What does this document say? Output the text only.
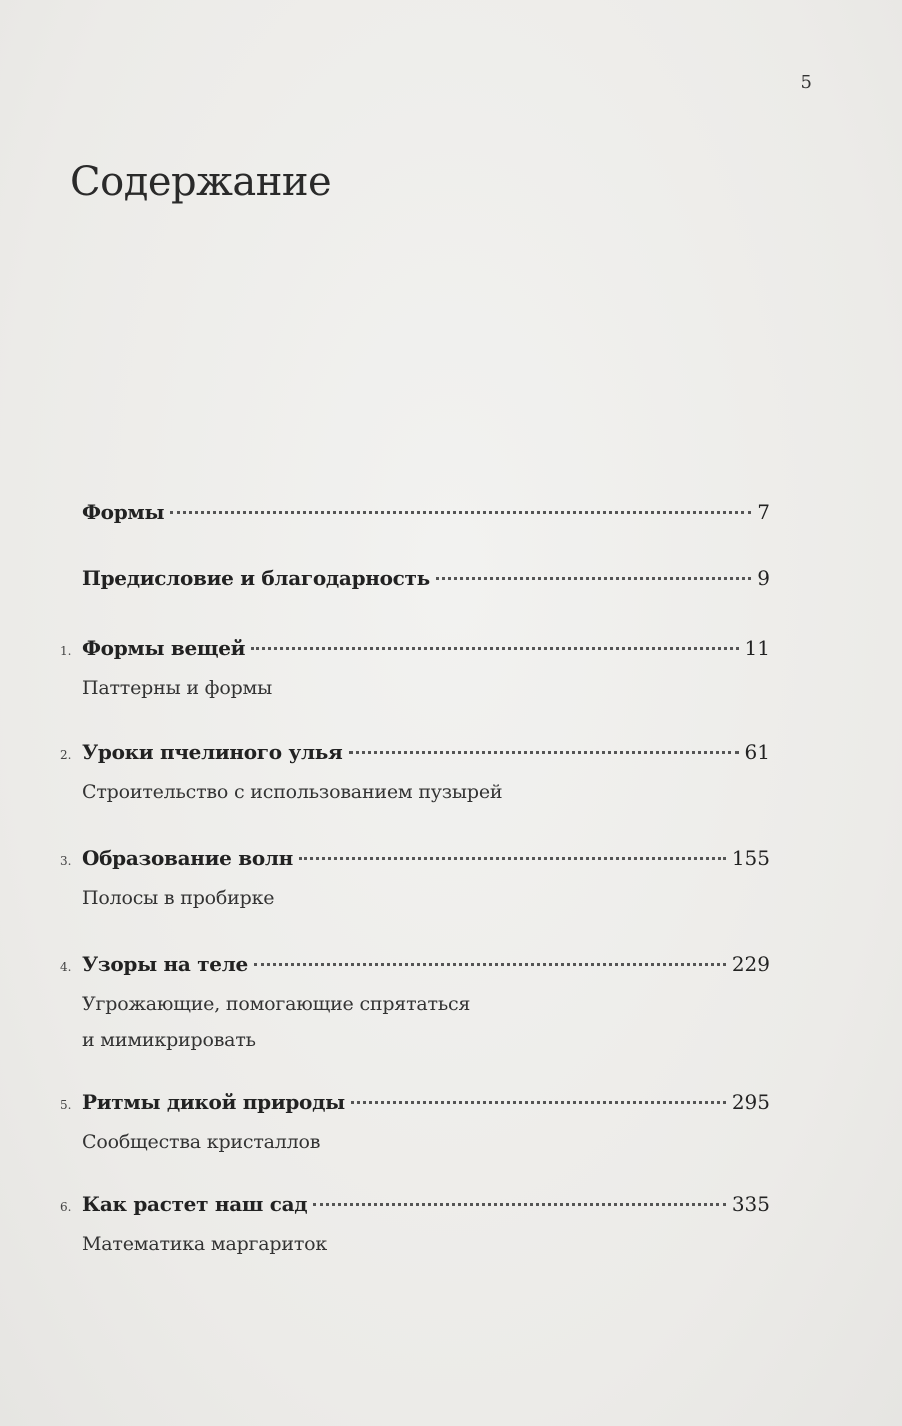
5
Содержание
Формы	7
Предисловие и благодарность	9
1. Формы вещей	11
Паттерны и формы
2. Уроки пчелиного улья	61
Строительство с использованием пузырей
3. Образование волн	155
Полосы в пробирке
4. Узоры на теле	229
Угрожающие, помогающие спрятаться
и мимикрировать
5. Ритмы дикой природы	295
Сообщества кристаллов
6. Как растет наш сад	335
Математика маргариток
